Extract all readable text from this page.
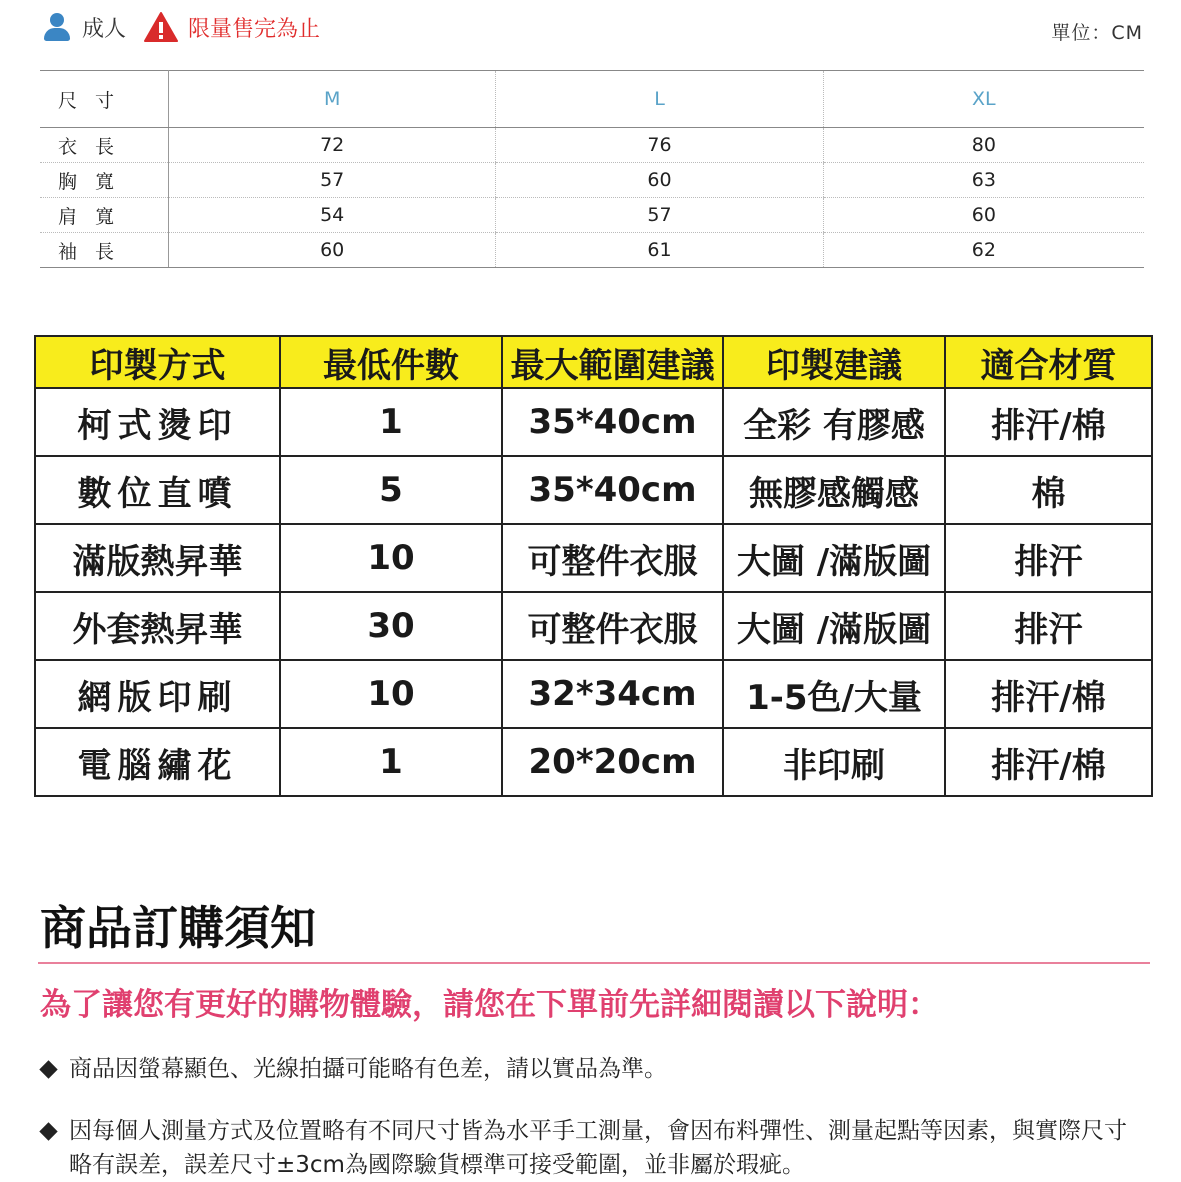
成人	限量售完為止	單位：CM
尺寸	M	L	XL
衣長	72	76	80
胸寬	57	60	63
肩寬	54	57	60
袖長	60	61	62
印製方式	最低件數	最大範圍建議	印製建議	適合材質
柯式燙印	1	35*40cm	全彩 有膠感	排汗/棉
數位直噴	5	35*40cm	無膠感觸感	棉
滿版熱昇華	10	可整件衣服	大圖 /滿版圖	排汗
外套熱昇華	30	可整件衣服	大圖 /滿版圖	排汗
網版印刷	10	32*34cm	1-5色/大量	排汗/棉
電腦繡花	1	20*20cm	非印刷	排汗/棉
商品訂購須知
為了讓您有更好的購物體驗，請您在下單前先詳細閱讀以下說明：
商品因螢幕顯色、光線拍攝可能略有色差，請以實品為準。
因每個人測量方式及位置略有不同尺寸皆為水平手工測量，會因布料彈性、測量起點等因素，與實際尺寸略有誤差，誤差尺寸±3cm為國際驗貨標準可接受範圍，並非屬於瑕疵。
